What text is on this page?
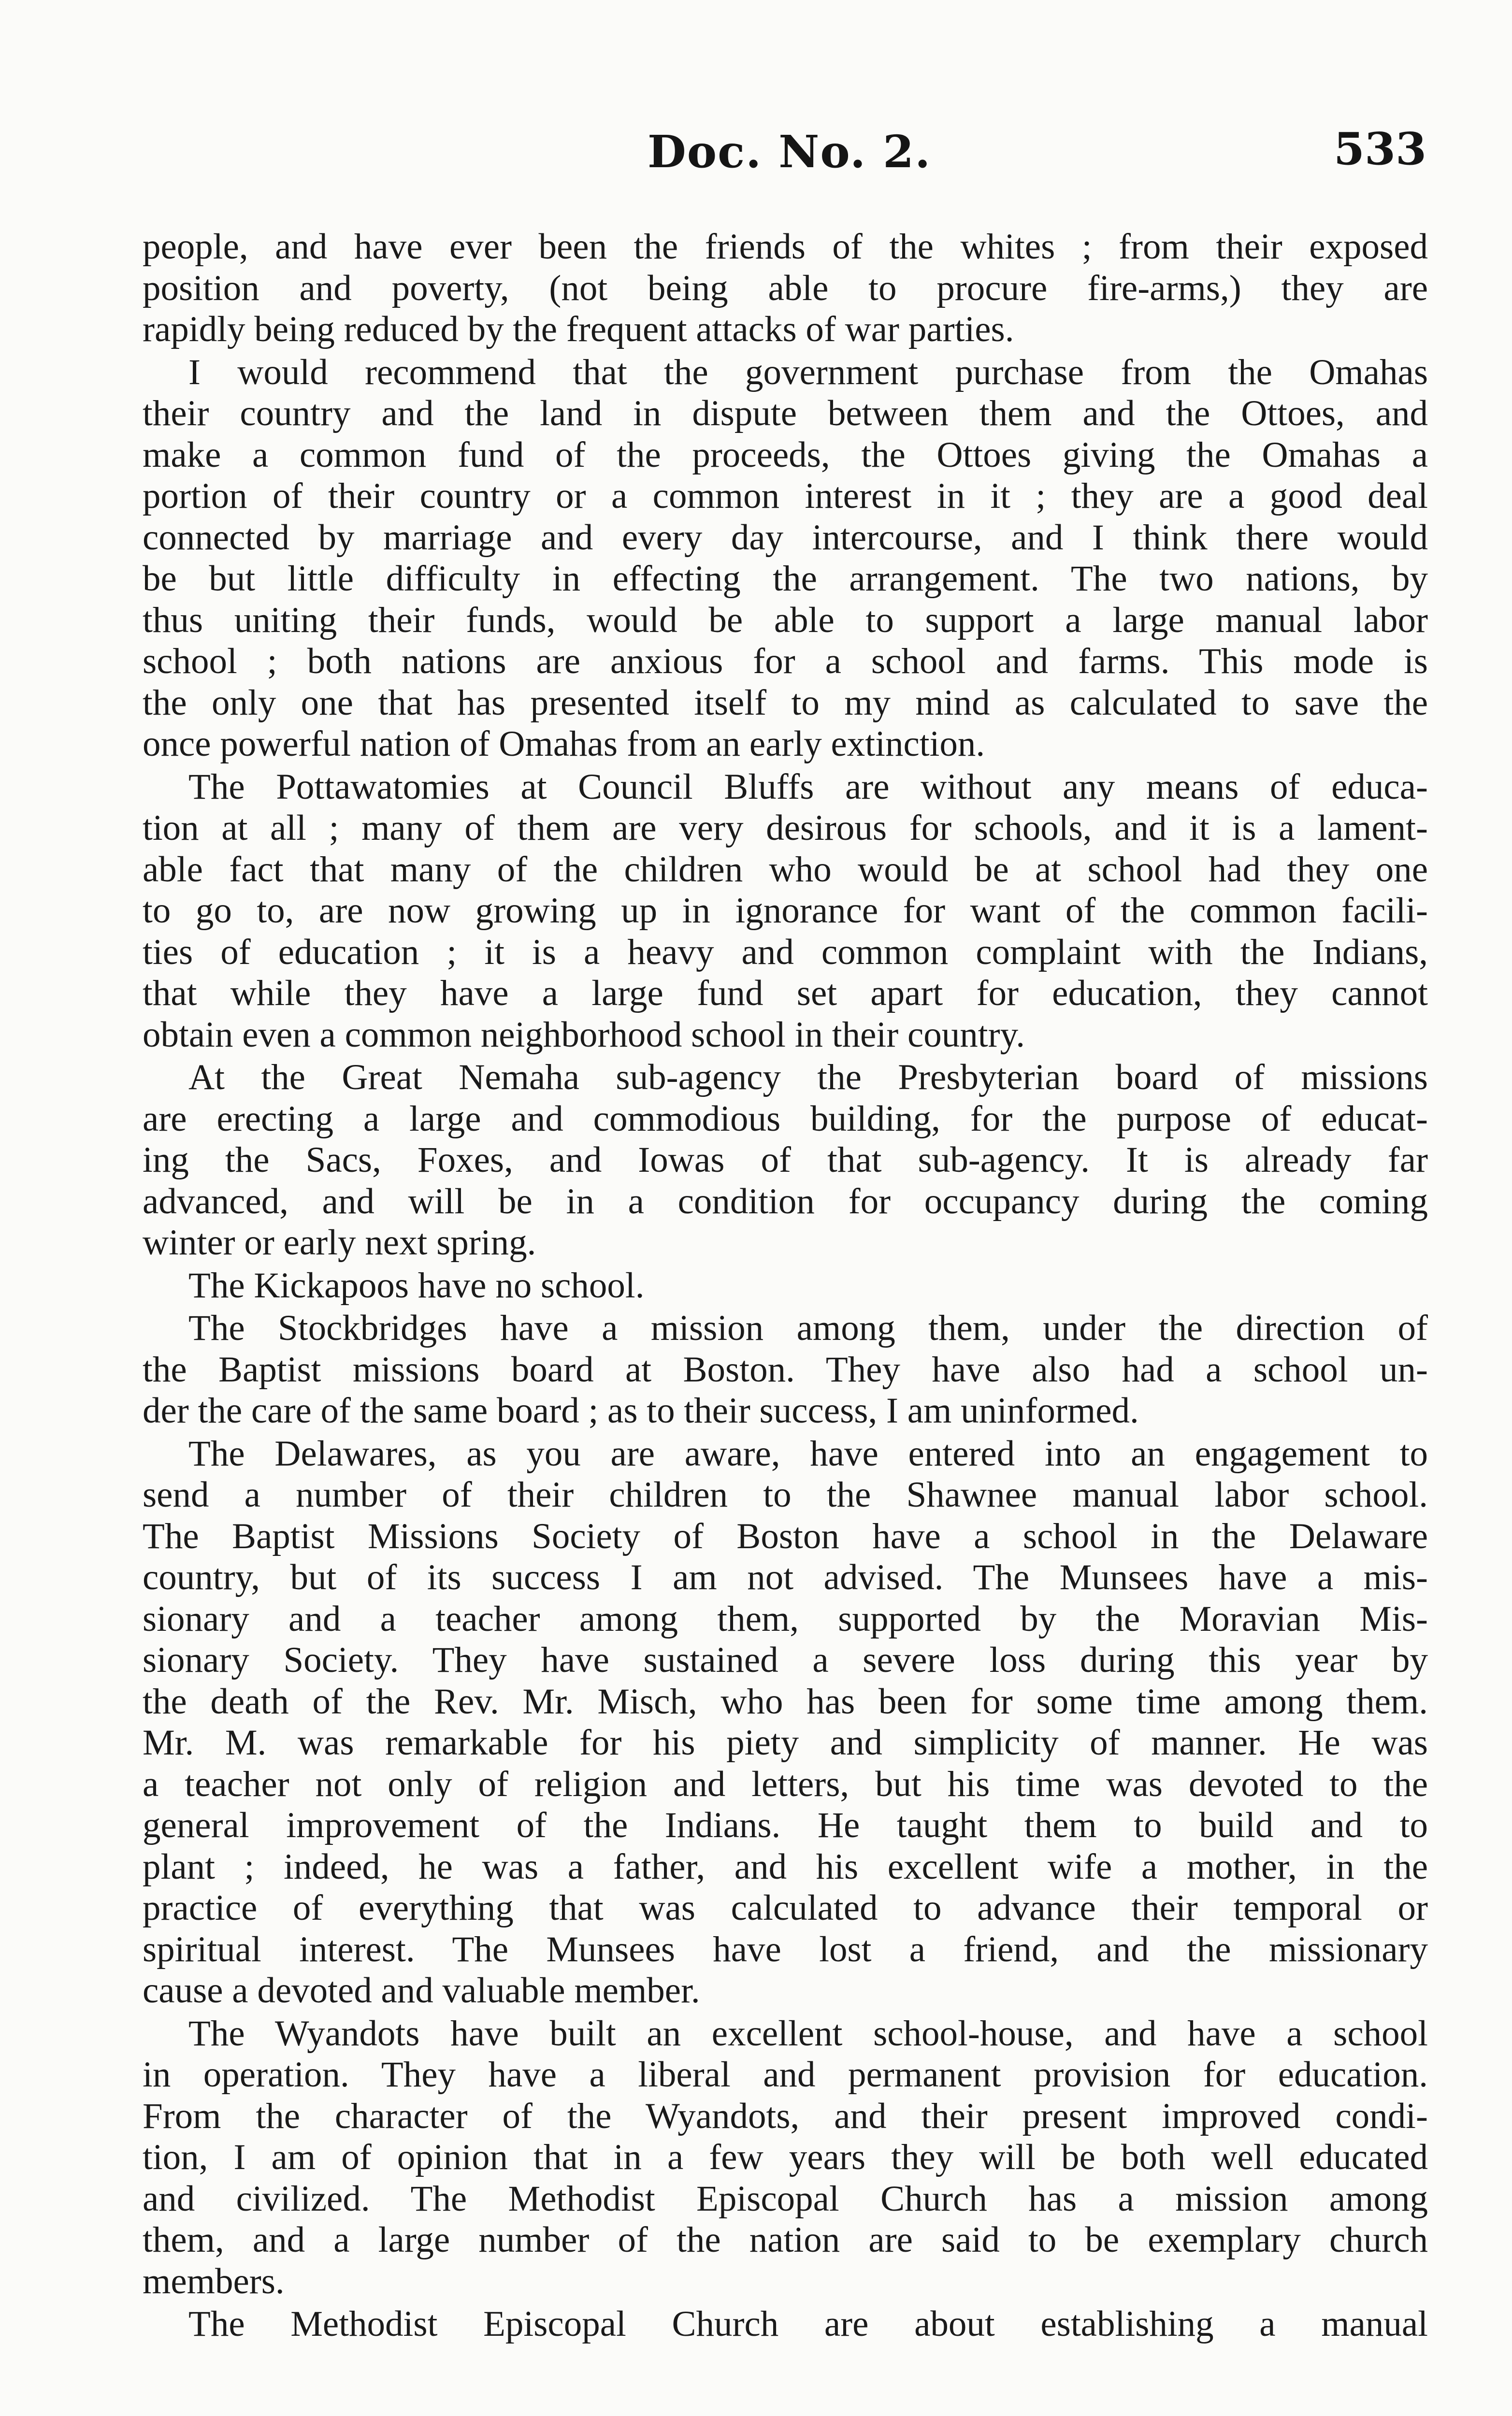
Doc. No. 2.	533

people, and have ever been the friends of the whites ; from their exposed
position and poverty, (not being able to procure fire-arms,) they are
rapidly being reduced by the frequent attacks of war parties.

I would recommend that the government purchase from the Omahas
their country and the land in dispute between them and the Ottoes, and
make a common fund of the proceeds, the Ottoes giving the Omahas a
portion of their country or a common interest in it ; they are a good deal
connected by marriage and every day intercourse, and I think there would
be but little difficulty in effecting the arrangement. The two nations, by
thus uniting their funds, would be able to support a large manual labor
school ; both nations are anxious for a school and farms. This mode is
the only one that has presented itself to my mind as calculated to save the
once powerful nation of Omahas from an early extinction.

The Pottawatomies at Council Bluffs are without any means of educa-
tion at all ; many of them are very desirous for schools, and it is a lament-
able fact that many of the children who would be at school had they one
to go to, are now growing up in ignorance for want of the common facili-
ties of education ; it is a heavy and common complaint with the Indians,
that while they have a large fund set apart for education, they cannot
obtain even a common neighborhood school in their country.

At the Great Nemaha sub-agency the Presbyterian board of missions
are erecting a large and commodious building, for the purpose of educat-
ing the Sacs, Foxes, and Iowas of that sub-agency. It is already far
advanced, and will be in a condition for occupancy during the coming
winter or early next spring.

The Kickapoos have no school.

The Stockbridges have a mission among them, under the direction of
the Baptist missions board at Boston. They have also had a school un-
der the care of the same board ; as to their success, I am uninformed.

The Delawares, as you are aware, have entered into an engagement to
send a number of their children to the Shawnee manual labor school.
The Baptist Missions Society of Boston have a school in the Delaware
country, but of its success I am not advised. The Munsees have a mis-
sionary and a teacher among them, supported by the Moravian Mis-
sionary Society. They have sustained a severe loss during this year by
the death of the Rev. Mr. Misch, who has been for some time among them.
Mr. M. was remarkable for his piety and simplicity of manner. He was
a teacher not only of religion and letters, but his time was devoted to the
general improvement of the Indians. He taught them to build and to
plant ; indeed, he was a father, and his excellent wife a mother, in the
practice of everything that was calculated to advance their temporal or
spiritual interest. The Munsees have lost a friend, and the missionary
cause a devoted and valuable member.

The Wyandots have built an excellent school-house, and have a school
in operation. They have a liberal and permanent provision for education.
From the character of the Wyandots, and their present improved condi-
tion, I am of opinion that in a few years they will be both well educated
and civilized. The Methodist Episcopal Church has a mission among
them, and a large number of the nation are said to be exemplary church
members.

The Methodist Episcopal Church are about establishing a manual
